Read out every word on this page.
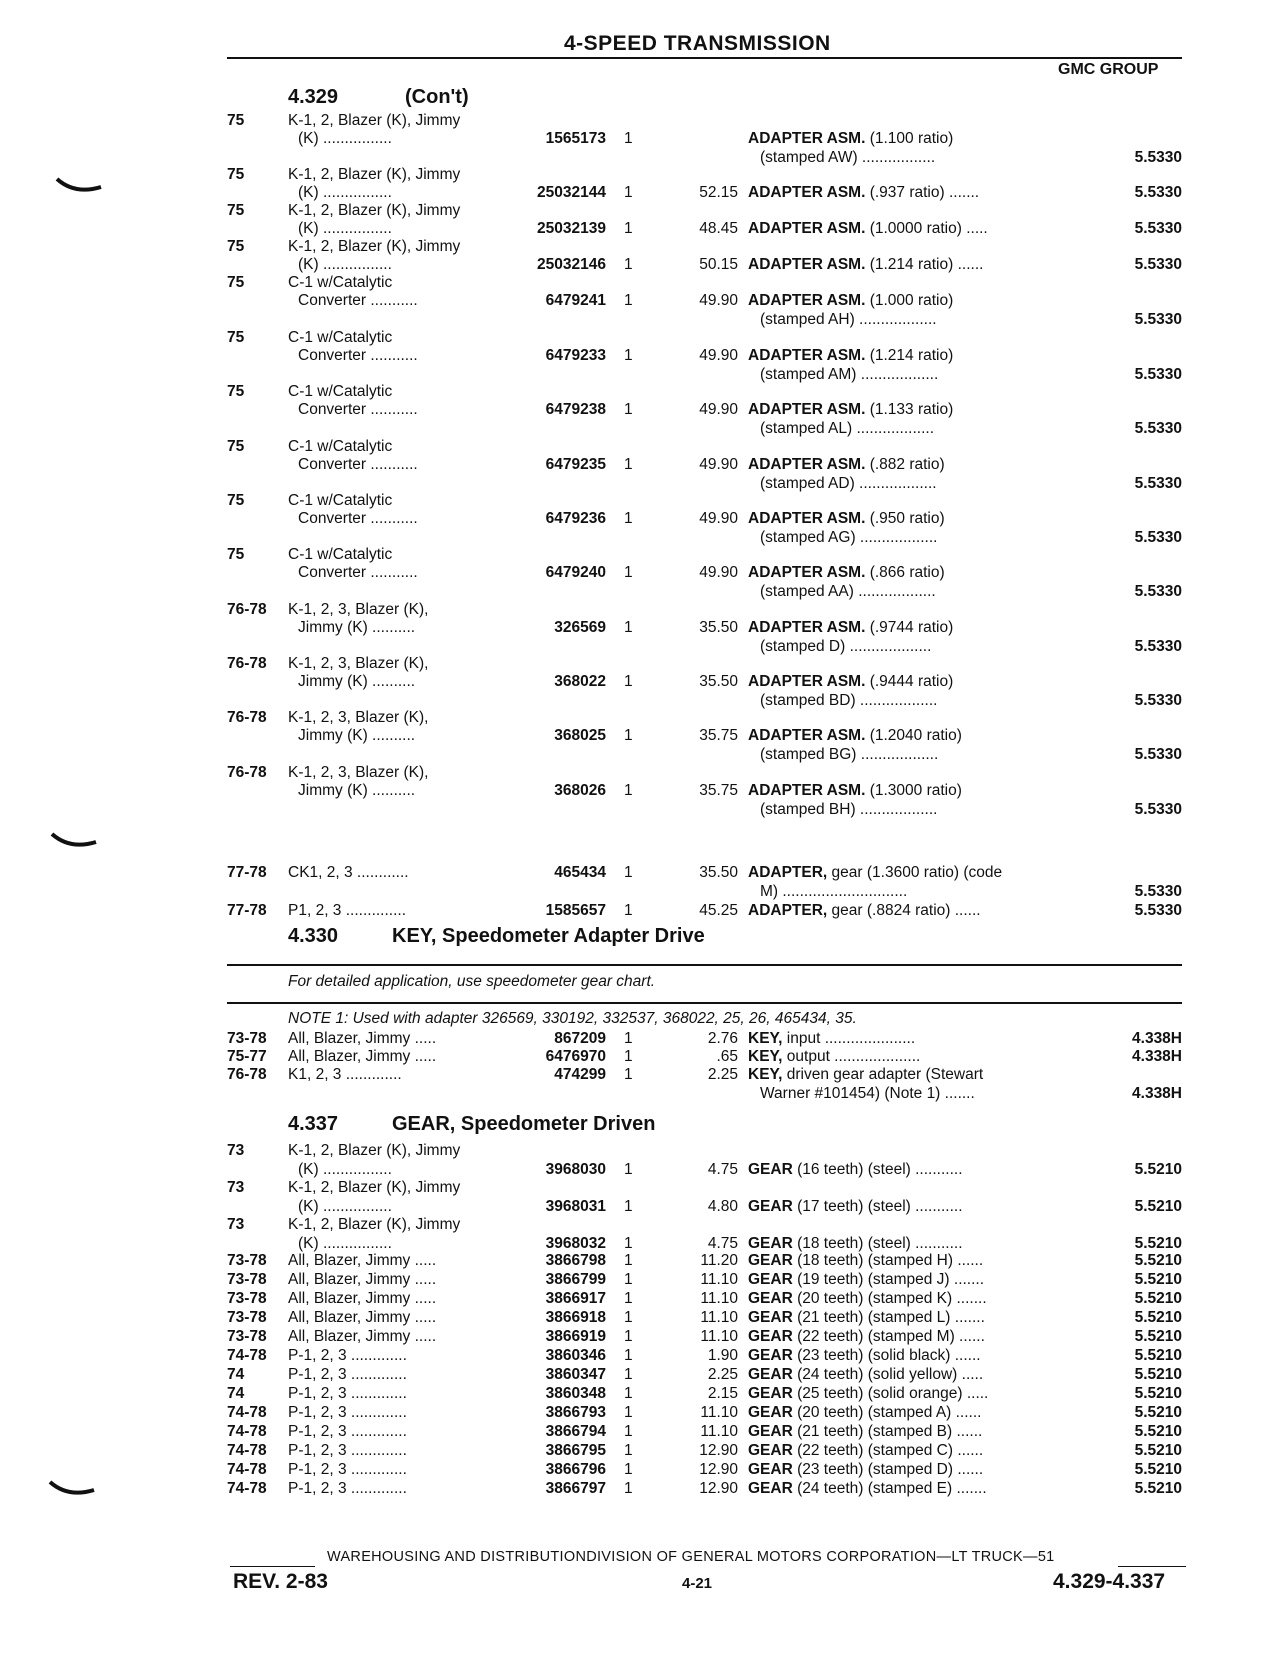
4-SPEED TRANSMISSION
GMC GROUP
4.329	(Con't)
75	K-1, 2, Blazer (K), Jimmy
(K) ................	1565173 1	ADAPTER ASM. (1.100 ratio)
(stamped AW) .................	5.5330
75	K-1, 2, Blazer (K), Jimmy
(K) ................	25032144 1	52.15 ADAPTER ASM. (.937 ratio) .......	5.5330
75	K-1, 2, Blazer (K), Jimmy
(K) ................	25032139 1	48.45 ADAPTER ASM. (1.0000 ratio) .....	5.5330
75	K-1, 2, Blazer (K), Jimmy
(K) ................	25032146 1	50.15 ADAPTER ASM. (1.214 ratio) ......	5.5330
75	C-1 w/Catalytic
Converter ...........	6479241 1	49.90 ADAPTER ASM. (1.000 ratio)
(stamped AH) ..................	5.5330
75	C-1 w/Catalytic
Converter ...........	6479233 1	49.90 ADAPTER ASM. (1.214 ratio)
(stamped AM) ..................	5.5330
75	C-1 w/Catalytic
Converter ...........	6479238 1	49.90 ADAPTER ASM. (1.133 ratio)
(stamped AL) ..................	5.5330
75	C-1 w/Catalytic
Converter ...........	6479235 1	49.90 ADAPTER ASM. (.882 ratio)
(stamped AD) ..................	5.5330
75	C-1 w/Catalytic
Converter ...........	6479236 1	49.90 ADAPTER ASM. (.950 ratio)
(stamped AG) ..................	5.5330
75	C-1 w/Catalytic
Converter ...........	6479240 1	49.90 ADAPTER ASM. (.866 ratio)
(stamped AA) ..................	5.5330
76-78 K-1, 2, 3, Blazer (K),
Jimmy (K) ..........	326569 1	35.50 ADAPTER ASM. (.9744 ratio)
(stamped D) ...................	5.5330
76-78 K-1, 2, 3, Blazer (K),
Jimmy (K) ..........	368022 1	35.50 ADAPTER ASM. (.9444 ratio)
(stamped BD) ..................	5.5330
76-78 K-1, 2, 3, Blazer (K),
Jimmy (K) ..........	368025 1	35.75 ADAPTER ASM. (1.2040 ratio)
(stamped BG) ..................	5.5330
76-78 K-1, 2, 3, Blazer (K),
Jimmy (K) ..........	368026 1	35.75 ADAPTER ASM. (1.3000 ratio)
(stamped BH) ..................	5.5330
77-78 CK1, 2, 3 ............	465434 1	35.50 ADAPTER, gear (1.3600 ratio) (code
M) .............................	5.5330
77-78 P1, 2, 3 ..............	1585657 1	45.25 ADAPTER, gear (.8824 ratio) ......	5.5330
4.330	KEY, Speedometer Adapter Drive
For detailed application, use speedometer gear chart.
NOTE 1: Used with adapter 326569, 330192, 332537, 368022, 25, 26, 465434, 35.
73-78 All, Blazer, Jimmy .....	867209 1	2.76 KEY, input .....................	4.338H
75-77 All, Blazer, Jimmy .....	6476970 1	.65 KEY, output ....................	4.338H
76-78 K1, 2, 3 .............	474299 1	2.25 KEY, driven gear adapter (Stewart
Warner #101454) (Note 1) .......	4.338H
4.337	GEAR, Speedometer Driven
73	K-1, 2, Blazer (K), Jimmy
(K) ................	3968030 1	4.75 GEAR (16 teeth) (steel) ...........	5.5210
73	K-1, 2, Blazer (K), Jimmy
(K) ................	3968031 1	4.80 GEAR (17 teeth) (steel) ...........	5.5210
73	K-1, 2, Blazer (K), Jimmy
(K) ................	3968032 1	4.75 GEAR (18 teeth) (steel) ...........	5.5210
73-78 All, Blazer, Jimmy .....	3866798 1	11.20 GEAR (18 teeth) (stamped H) ......	5.5210
73-78 All, Blazer, Jimmy .....	3866799 1	11.10 GEAR (19 teeth) (stamped J) .......	5.5210
73-78 All, Blazer, Jimmy .....	3866917 1	11.10 GEAR (20 teeth) (stamped K) .......	5.5210
73-78 All, Blazer, Jimmy .....	3866918 1	11.10 GEAR (21 teeth) (stamped L) .......	5.5210
73-78 All, Blazer, Jimmy .....	3866919 1	11.10 GEAR (22 teeth) (stamped M) ......	5.5210
74-78 P-1, 2, 3 .............	3860346 1	1.90 GEAR (23 teeth) (solid black) ......	5.5210
74	P-1, 2, 3 .............	3860347 1	2.25 GEAR (24 teeth) (solid yellow) .....	5.5210
74	P-1, 2, 3 .............	3860348 1	2.15 GEAR (25 teeth) (solid orange) .....	5.5210
74-78 P-1, 2, 3 .............	3866793 1	11.10 GEAR (20 teeth) (stamped A) ......	5.5210
74-78 P-1, 2, 3 .............	3866794 1	11.10 GEAR (21 teeth) (stamped B) ......	5.5210
74-78 P-1, 2, 3 .............	3866795 1	12.90 GEAR (22 teeth) (stamped C) ......	5.5210
74-78 P-1, 2, 3 .............	3866796 1	12.90 GEAR (23 teeth) (stamped D) ......	5.5210
74-78 P-1, 2, 3 .............	3866797 1	12.90 GEAR (24 teeth) (stamped E) .......	5.5210
WAREHOUSING AND DISTRIBUTIONDIVISION OF GENERAL MOTORS CORPORATION—LT TRUCK—51
REV. 2-83	4-21	4.329-4.337
